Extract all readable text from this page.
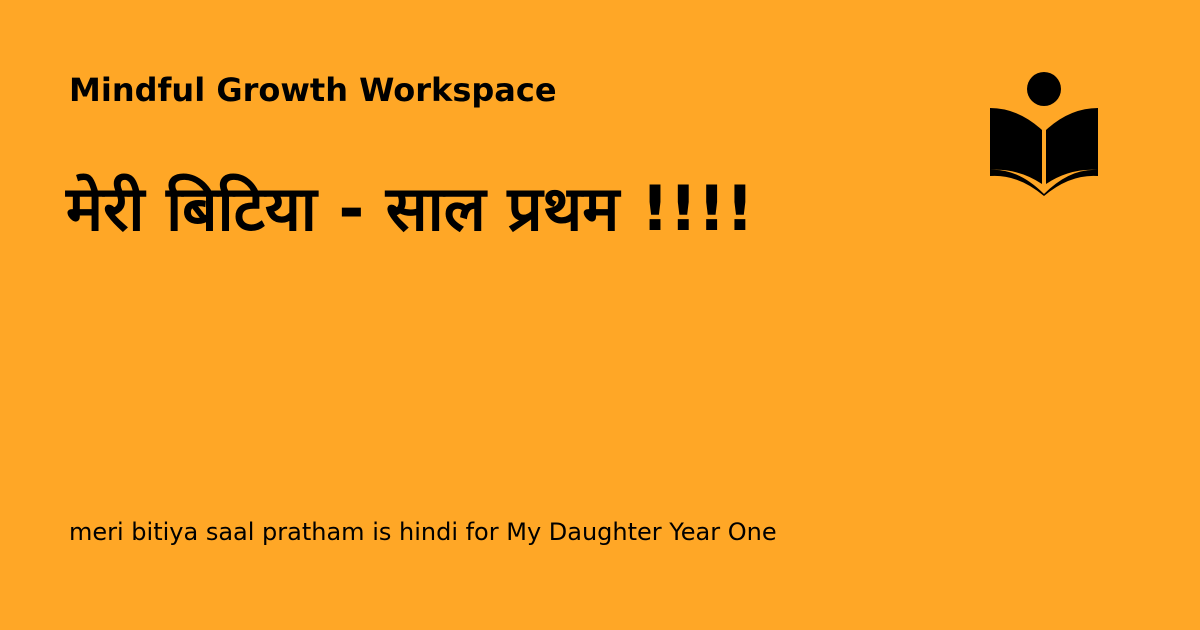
Mindful Growth Workspace
मेरी बिटिया - साल प्रथम !!!!
meri bitiya saal pratham is hindi for My Daughter Year One
